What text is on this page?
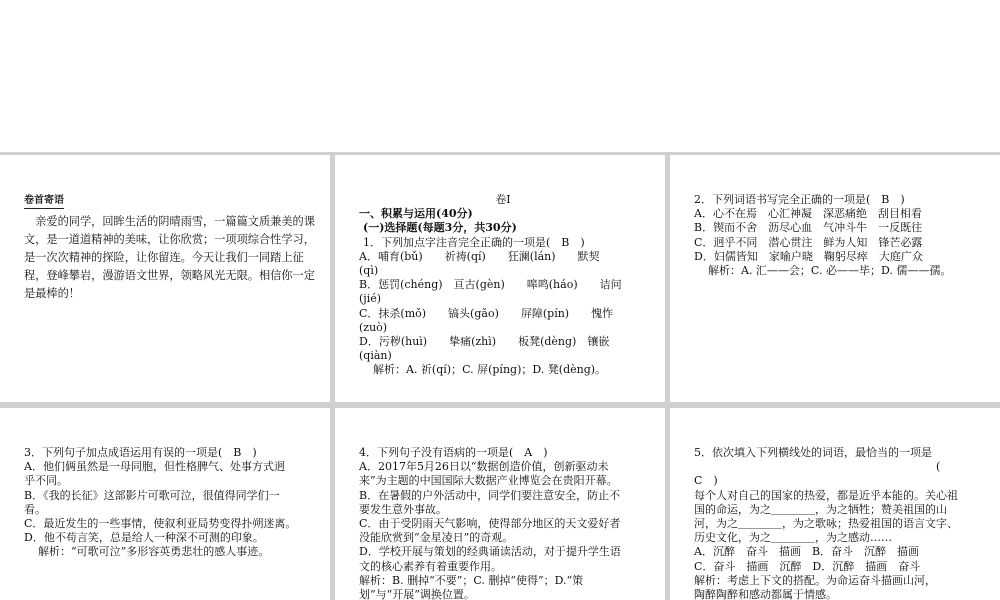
卷首寄语
　亲爱的同学，回眸生活的阴晴雨雪，一篇篇文质兼美的课文，是一道道精神的美味，让你欣赏；一项项综合性学习，是一次次精神的探险，让你留连。今天让我们一同踏上征程，登峰攀岩，漫游语文世界，领略风光无限。相信你一定是最棒的！
卷Ⅰ
一、积累与运用(40分)
(一)选择题(每题3分，共30分)
1．下列加点字注音完全正确的一项是(　B　)
A．哺育(bǔ)　　祈祷(qí)　　狂澜(lán)　　默契
(qì)
B．惩罚(chéng)　亘古(gèn)　　嗥鸣(háo)　　诘问
(jié)
C．抹杀(mǒ)　　镐头(gǎo)　　屏障(pín)　　愧怍
(zuò)
D．污秽(huì)　　挚痛(zhì)　　板凳(dèng)　镶嵌
(qiàn)
解析：A. 祈(qí)；C. 屏(píng)；D. 凳(dèng)。
2．下列词语书写完全正确的一项是(　B　)
A．心不在焉　心汇神凝　深恶痛绝　刮目相看
B．锲而不舍　沥尽心血　气冲斗牛　一反既往
C．迥乎不同　潜心贯注　鲜为人知　锋芒必露
D．妇儒皆知　家喻户晓　鞠躬尽瘁　大庭广众
解析：A. 汇——会；C. 必——毕；D. 儒——孺。
3．下列句子加点成语运用有误的一项是(　B　)
A．他们俩虽然是一母同胞，但性格脾气、处事方式迥
乎不同。
B．《我的长征》这部影片可歌可泣，很值得同学们一
看。
C．最近发生的一些事情，使叙利亚局势变得扑朔迷离。
D．他不苟言笑，总是给人一种深不可测的印象。
解析：“可歌可泣”多形容英勇悲壮的感人事迹。
4．下列句子没有语病的一项是(　A　)
A．2017年5月26日以“数据创造价值，创新驱动未
来”为主题的中国国际大数据产业博览会在贵阳开幕。
B．在暑假的户外活动中，同学们要注意安全，防止不
要发生意外事故。
C．由于受阴雨天气影响，使得部分地区的天文爱好者
没能欣赏到“金星凌日”的奇观。
D．学校开展与策划的经典诵读活动，对于提升学生语
文的核心素养有着重要作用。
解析：B. 删掉“不要”；C. 删掉“使得”；D.“策
划”与“开展”调换位置。
5．依次填入下列横线处的词语，最恰当的一项是
　　　　　　　　　　　　　　　　　　　　　　(
C　)
每个人对自己的国家的热爱，都是近乎本能的。关心祖
国的命运，为之＿＿＿＿，为之牺牲；赞美祖国的山
河，为之＿＿＿＿，为之歌咏；热爱祖国的语言文字、
历史文化，为之＿＿＿＿，为之感动……
A．沉醉　奋斗　描画　B．奋斗　沉醉　描画
C．奋斗　描画　沉醉　D．沉醉　描画　奋斗
解析：考虑上下文的搭配。为命运奋斗描画山河，
陶醉陶醉和感动都属于情感。
